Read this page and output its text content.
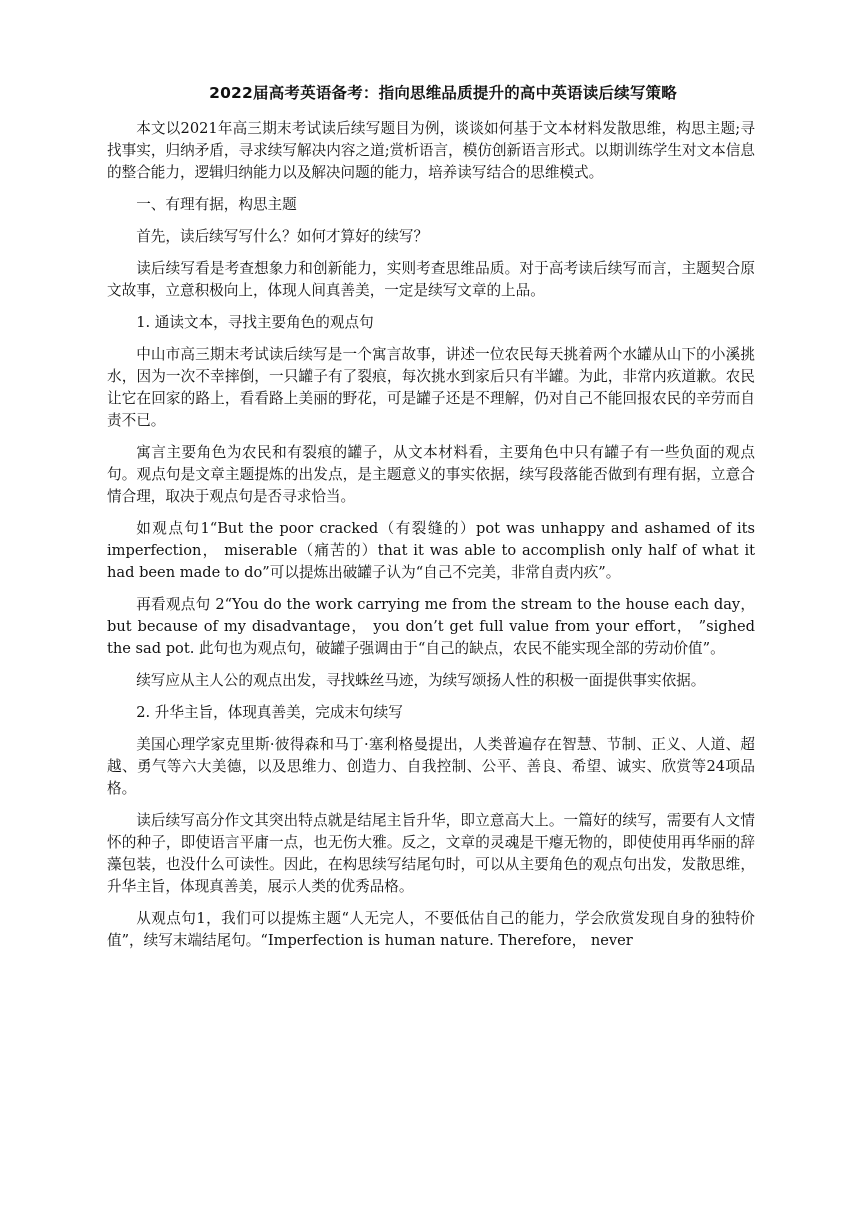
2022届高考英语备考：指向思维品质提升的高中英语读后续写策略

本文以2021年高三期末考试读后续写题目为例，谈谈如何基于文本材料发散思维，构思主题;寻找事实，归纳矛盾，寻求续写解决内容之道;赏析语言，模仿创新语言形式。以期训练学生对文本信息的整合能力，逻辑归纳能力以及解决问题的能力，培养读写结合的思维模式。

一、有理有据，构思主题

首先，读后续写写什么？如何才算好的续写？

读后续写看是考查想象力和创新能力，实则考查思维品质。对于高考读后续写而言，主题契合原文故事，立意积极向上，体现人间真善美，一定是续写文章的上品。

1. 通读文本，寻找主要角色的观点句

中山市高三期末考试读后续写是一个寓言故事，讲述一位农民每天挑着两个水罐从山下的小溪挑水，因为一次不幸摔倒，一只罐子有了裂痕，每次挑水到家后只有半罐。为此，非常内疚道歉。农民让它在回家的路上，看看路上美丽的野花，可是罐子还是不理解，仍对自己不能回报农民的辛劳而自责不已。

寓言主要角色为农民和有裂痕的罐子，从文本材料看，主要角色中只有罐子有一些负面的观点句。观点句是文章主题提炼的出发点，是主题意义的事实依据，续写段落能否做到有理有据，立意合情合理，取决于观点句是否寻求恰当。

如观点句1“But the poor cracked（有裂缝的）pot was unhappy and ashamed of its imperfection， miserable（痛苦的）that it was able to accomplish only half of what it had been made to do”可以提炼出破罐子认为“自己不完美，非常自责内疚”。

再看观点句 2“You do the work carrying me from the stream to the house each day， but because of my disadvantage， you don’t get full value from your effort， ”sighed the sad pot. 此句也为观点句，破罐子强调由于“自己的缺点，农民不能实现全部的劳动价值”。

续写应从主人公的观点出发，寻找蛛丝马迹，为续写颂扬人性的积极一面提供事实依据。

2. 升华主旨，体现真善美，完成末句续写

美国心理学家克里斯·彼得森和马丁·塞利格曼提出，人类普遍存在智慧、节制、正义、人道、超越、勇气等六大美德，以及思维力、创造力、自我控制、公平、善良、希望、诚实、欣赏等24项品格。

读后续写高分作文其突出特点就是结尾主旨升华，即立意高大上。一篇好的续写，需要有人文情怀的种子，即使语言平庸一点，也无伤大雅。反之，文章的灵魂是干瘪无物的，即使使用再华丽的辞藻包装，也没什么可读性。因此，在构思续写结尾句时，可以从主要角色的观点句出发，发散思维，升华主旨，体现真善美，展示人类的优秀品格。

从观点句1，我们可以提炼主题“人无完人，不要低估自己的能力，学会欣赏发现自身的独特价值”，续写末端结尾句。“Imperfection is human nature. Therefore， never
